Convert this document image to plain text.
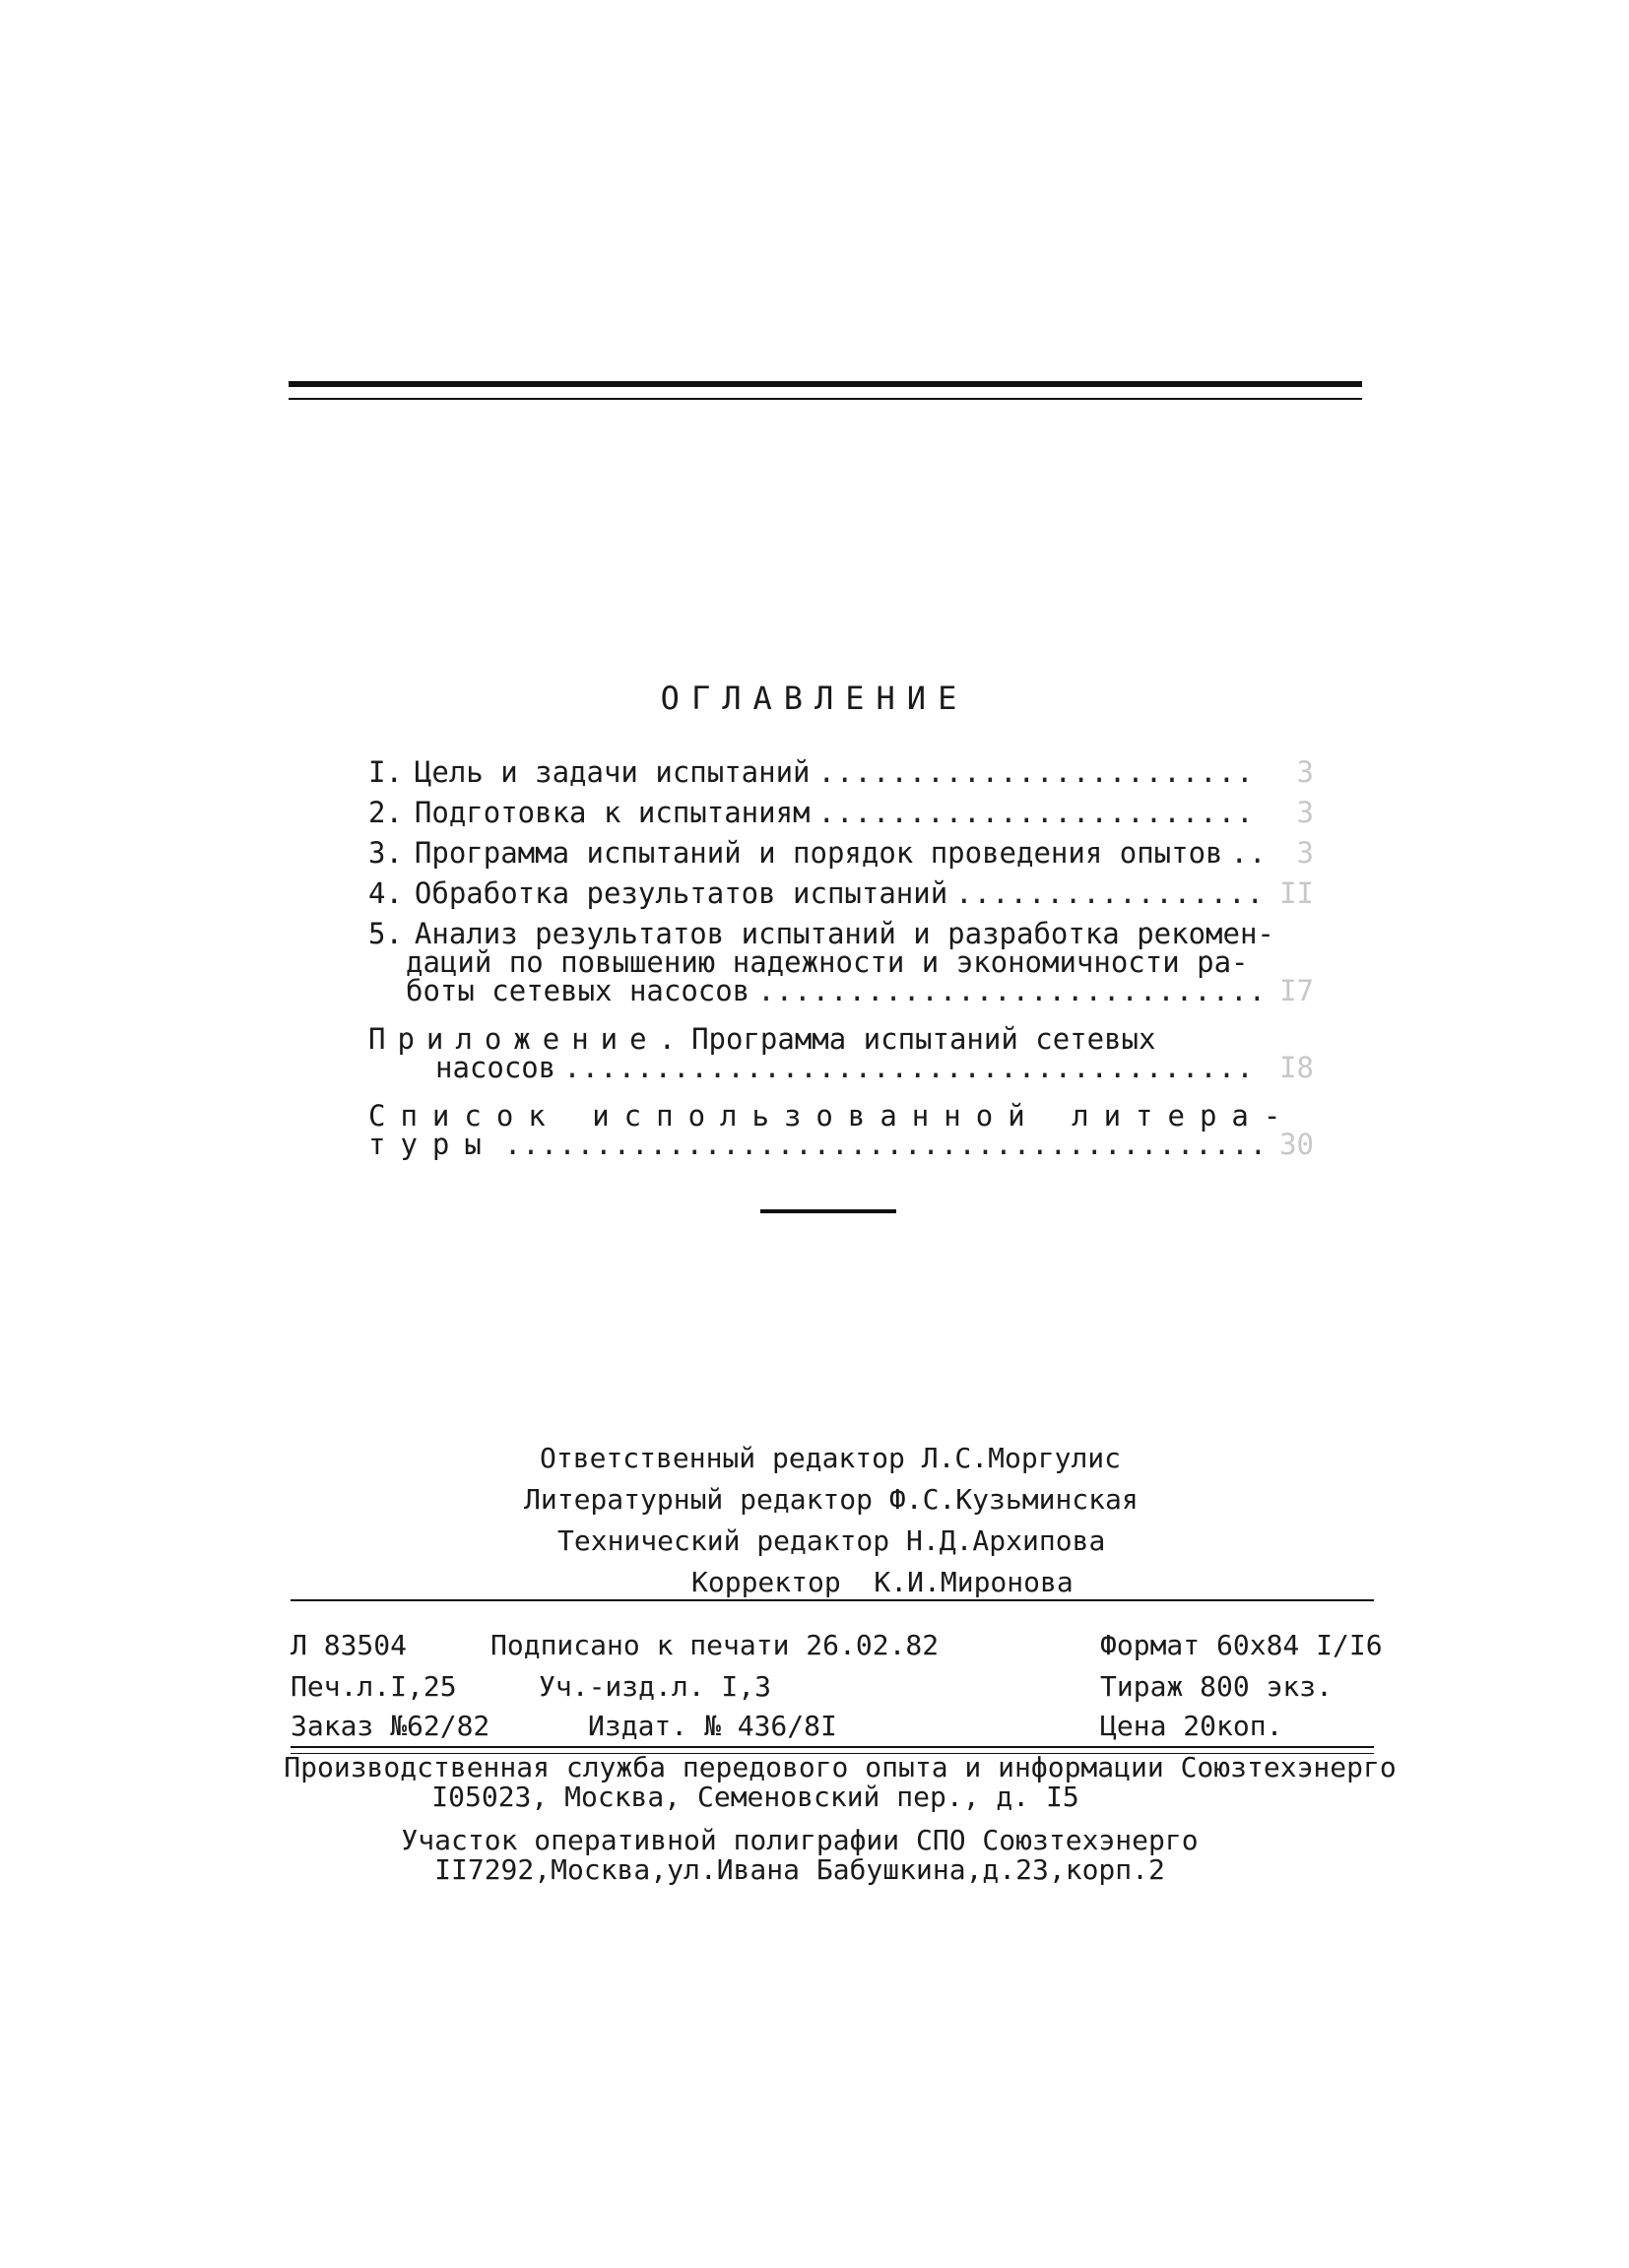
ОГЛАВЛЕНИЕ
I. Цель и задачи испытаний .....	3
2. Подготовка к испытаниям .....	3
3. Программа испытаний и порядок проведения опытов .....	3
4. Обработка результатов испытаний .....	II
5. Анализ результатов испытаний и разработка рекомен-
даций по повышению надежности и экономичности ра-
боты сетевых насосов .....	I7
Приложение. Программа испытаний сетевых
насосов .....	I8
Список использованной литера-
туры .....	30
Ответственный редактор Л.С.Моргулис
Литературный редактор Ф.С.Кузьминская
Технический редактор Н.Д.Архипова
Корректор  К.И.Миронова
Л 83504	Подписано к печати 26.02.82	Формат 60х84 I/I6
Печ.л.I,25	Уч.-изд.л. I,3	Тираж 800 экз.
Заказ №62/82	Издат. № 436/8I	Цена 20коп.
Производственная служба передового опыта и информации Союзтехэнерго
I05023, Москва, Семеновский пер., д. I5
Участок оперативной полиграфии СПО Союзтехэнерго
II7292,Москва,ул.Ивана Бабушкина,д.23,корп.2
